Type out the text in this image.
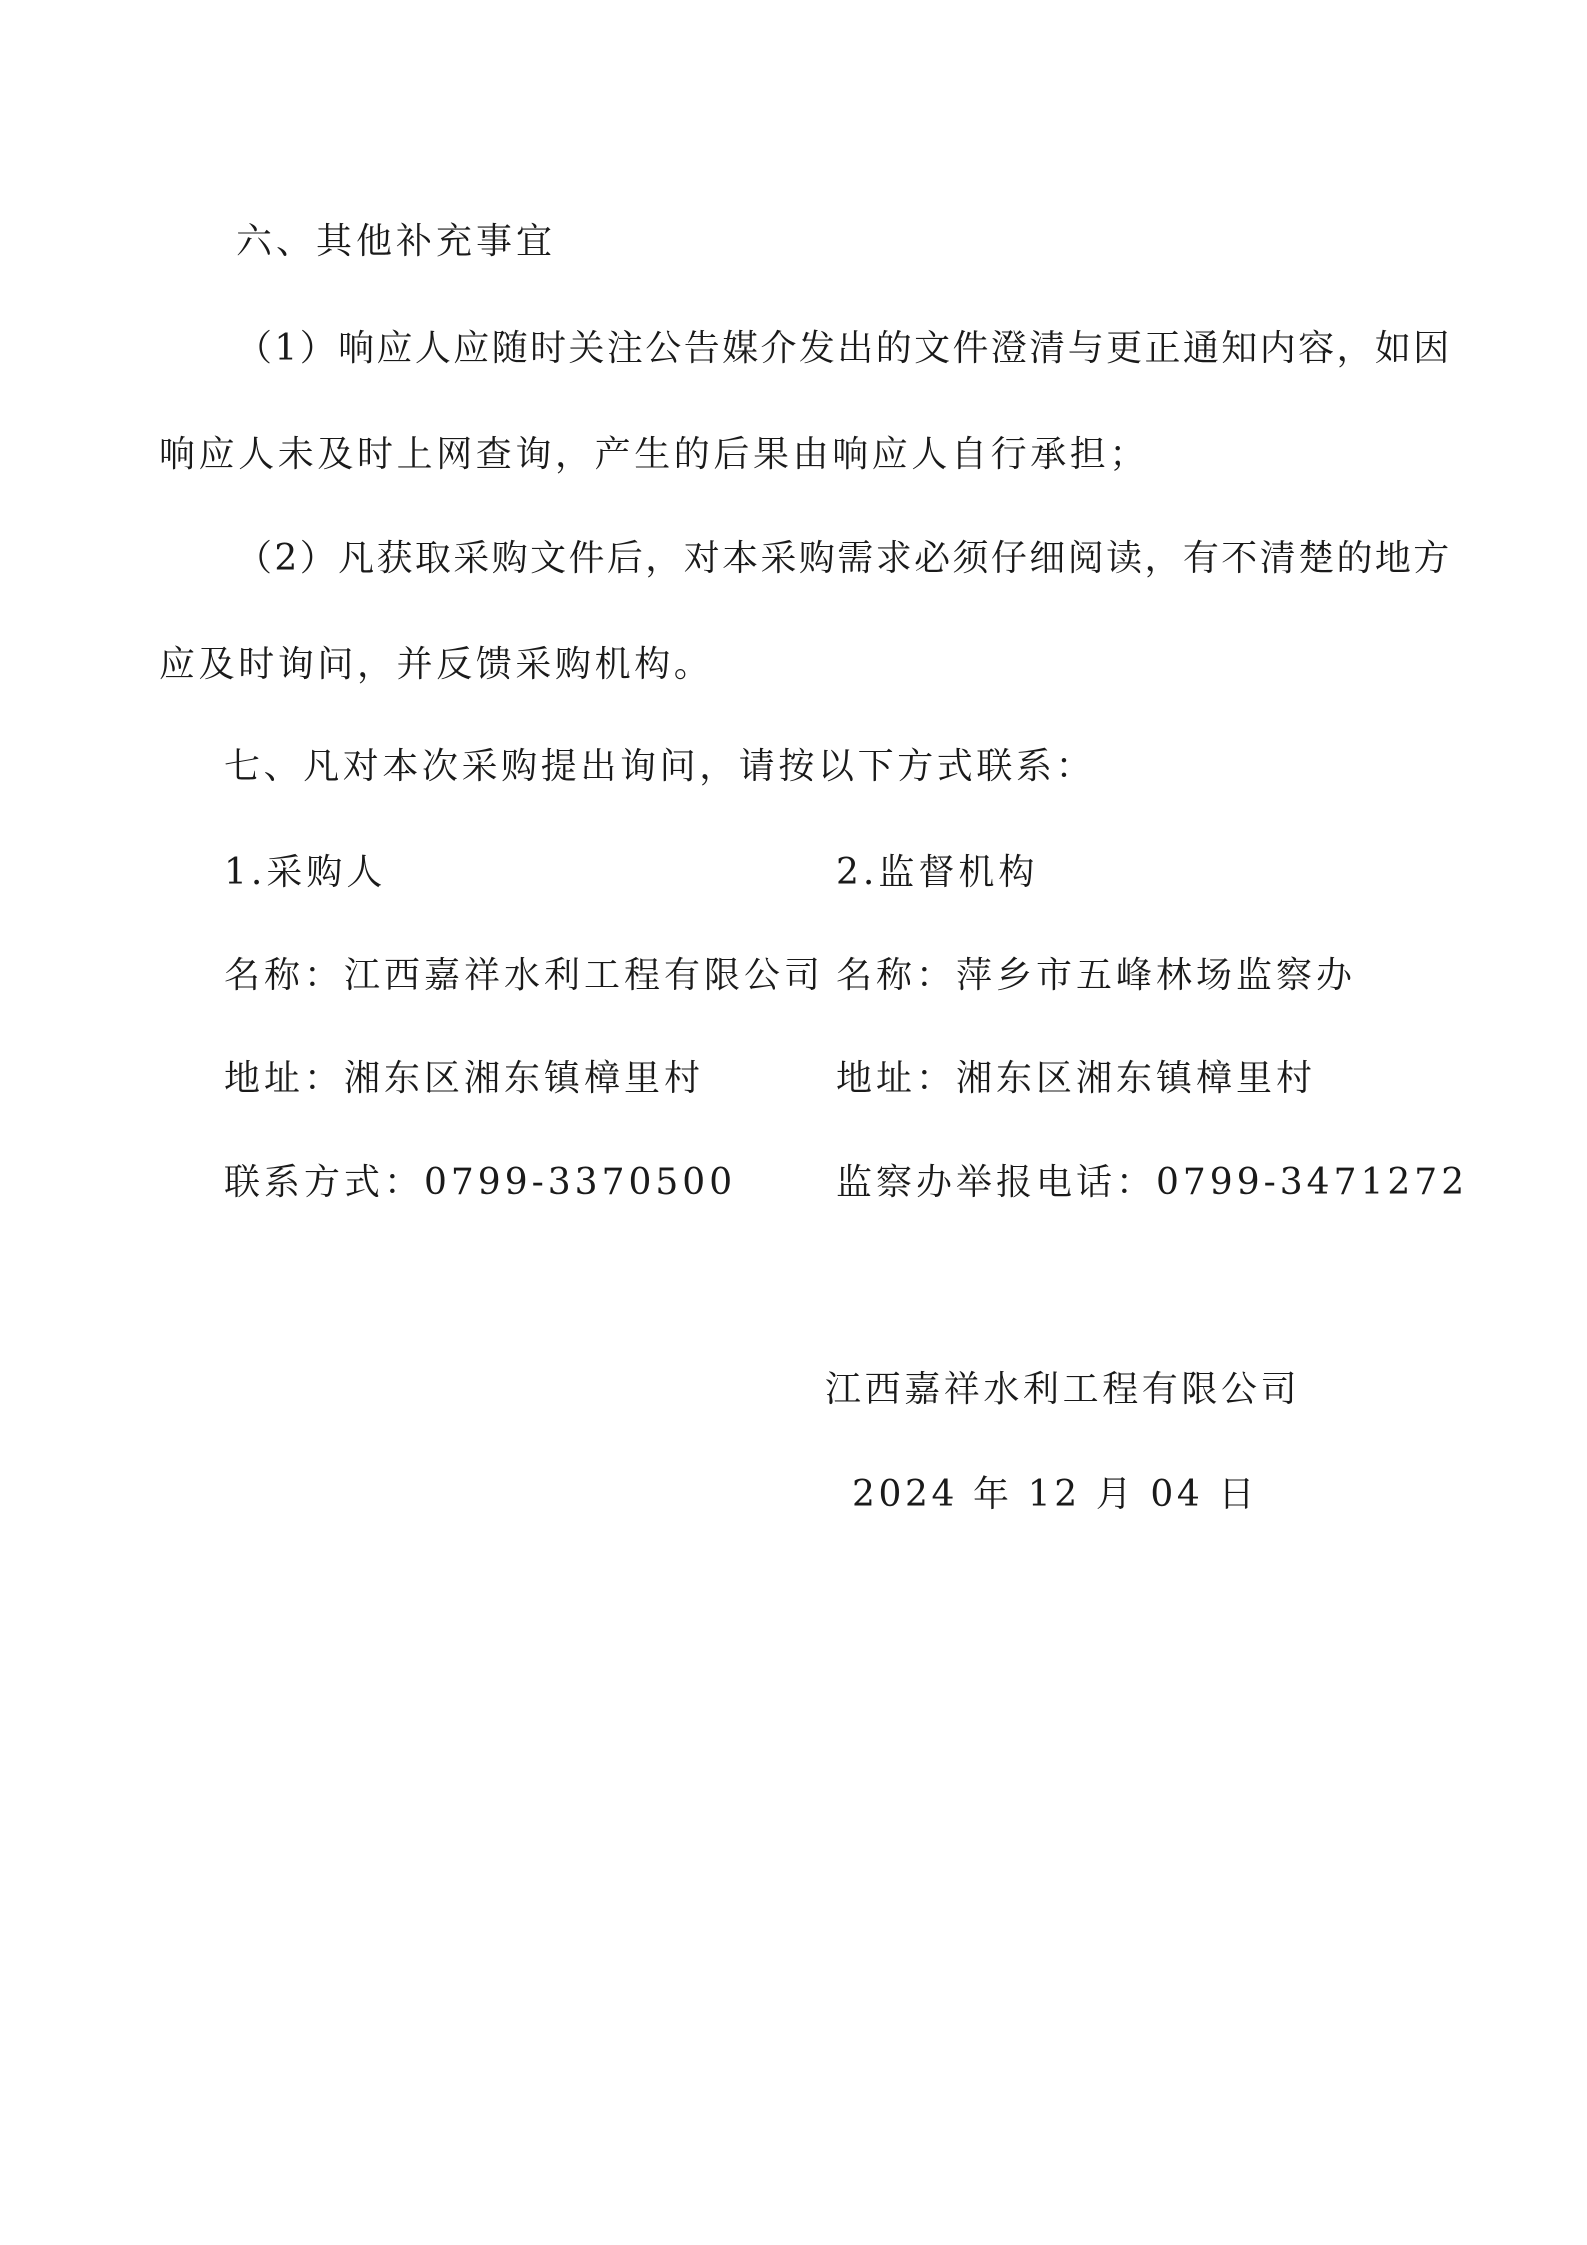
六、其他补充事宜
（1）响应人应随时关注公告媒介发出的文件澄清与更正通知内容，如因
响应人未及时上网查询，产生的后果由响应人自行承担；
（2）凡获取采购文件后，对本采购需求必须仔细阅读，有不清楚的地方
应及时询问，并反馈采购机构。
七、凡对本次采购提出询问，请按以下方式联系：
1.采购人	2.监督机构
名称：江西嘉祥水利工程有限公司 名称：萍乡市五峰林场监察办
地址：湘东区湘东镇樟里村	地址：湘东区湘东镇樟里村
联系方式：0799-3370500	监察办举报电话：0799-3471272
江西嘉祥水利工程有限公司
2024 年 12 月 04 日
